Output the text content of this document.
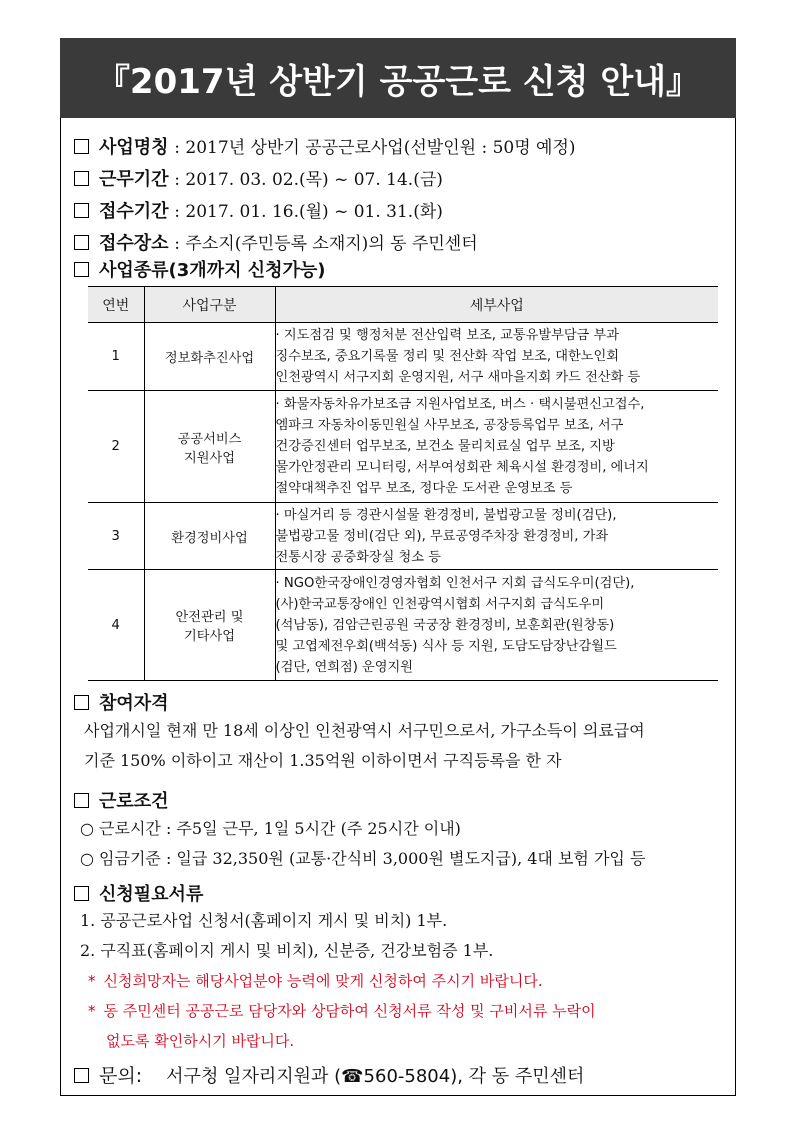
『2017년 상반기 공공근로 신청 안내』
사업명칭 : 2017년 상반기 공공근로사업(선발인원 : 50명 예정)
근무기간 : 2017. 03. 02.(목) ~ 07. 14.(금)
접수기간 : 2017. 01. 16.(월) ~ 01. 31.(화)
접수장소 : 주소지(주민등록 소재지)의 동 주민센터
사업종류(3개까지 신청가능)
연번	사업구분	세부사업
1	정보화추진사업	· 지도점검 및 행정처분 전산입력 보조, 교통유발부담금 부과
징수보조, 중요기록물 정리 및 전산화 작업 보조, 대한노인회
인천광역시 서구지회 운영지원, 서구 새마을지회 카드 전산화 등

2	공공서비스
지원사업	· 화물자동차유가보조금 지원사업보조, 버스 · 택시불편신고접수,
엠파크 자동차이동민원실 사무보조, 공장등록업무 보조, 서구
건강증진센터 업무보조, 보건소 물리치료실 업무 보조, 지방
물가안정관리 모니터링, 서부여성회관 체육시설 환경정비, 에너지
절약대책추진 업무 보조, 정다운 도서관 운영보조 등

3	환경정비사업	· 마실거리 등 경관시설물 환경정비, 불법광고물 정비(검단),
불법광고물 정비(검단 외), 무료공영주차장 환경정비, 가좌
전통시장 공중화장실 청소 등

4	안전관리 및
기타사업	· NGO한국장애인경영자협회 인천서구 지회 급식도우미(검단),
(사)한국교통장애인 인천광역시협회 서구지회 급식도우미
(석남동), 검암근린공원 국궁장 환경정비, 보훈회관(원창동)
및 고엽제전우회(백석동) 식사 등 지원, 도담도담장난감월드
(검단, 연희점) 운영지원
참여자격
사업개시일 현재 만 18세 이상인 인천광역시 서구민으로서, 가구소득이 의료급여
기준 150% 이하이고 재산이 1.35억원 이하이면서 구직등록을 한 자
근로조건
○ 근로시간 : 주5일 근무, 1일 5시간 (주 25시간 이내)
○ 임금기준 : 일급 32,350원 (교통·간식비 3,000원 별도지급), 4대 보험 가입 등
신청필요서류
1. 공공근로사업 신청서(홈페이지 게시 및 비치) 1부.
2. 구직표(홈페이지 게시 및 비치), 신분증, 건강보험증 1부.
* 신청희망자는 해당사업분야 능력에 맞게 신청하여 주시기 바랍니다.
* 동 주민센터 공공근로 담당자와 상담하여 신청서류 작성 및 구비서류 누락이
없도록 확인하시기 바랍니다.
문의: 서구청 일자리지원과 (☎560-5804), 각 동 주민센터
